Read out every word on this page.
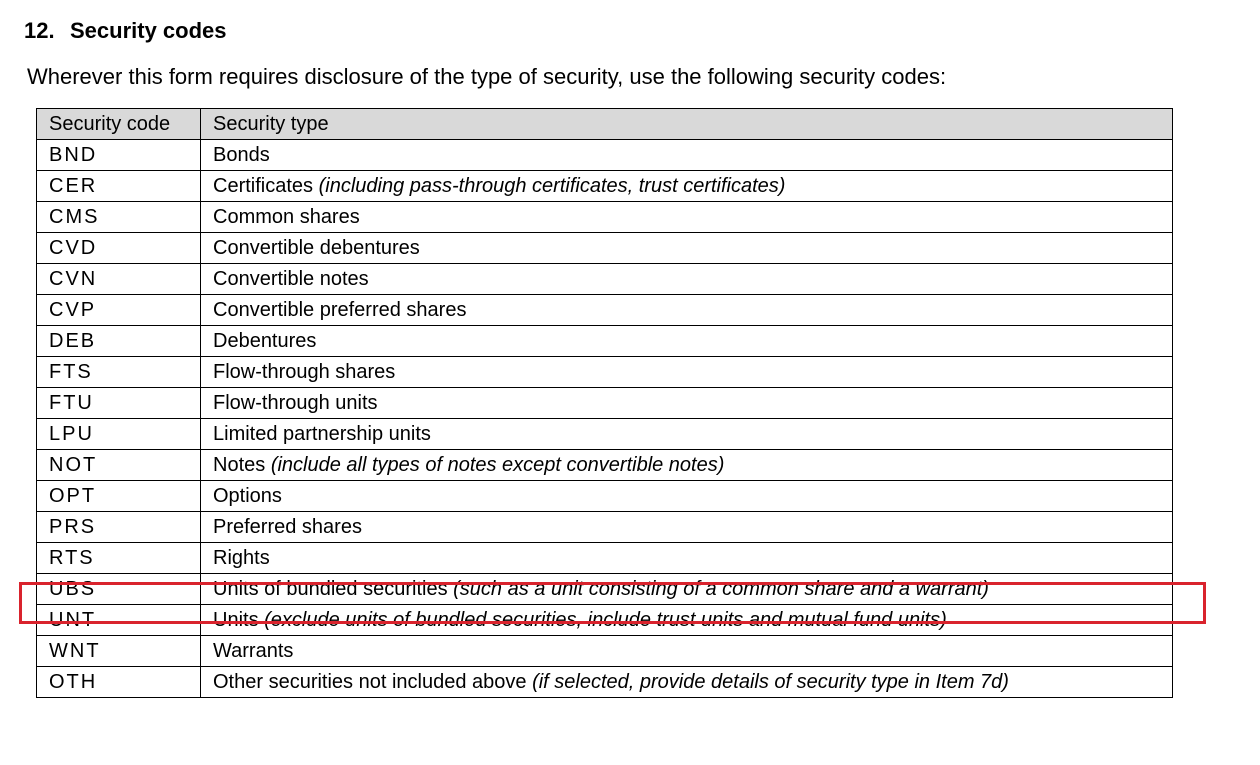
12. Security codes
Wherever this form requires disclosure of the type of security, use the following security codes:
Security code	Security type
BND	Bonds
CER	Certificates (including pass-through certificates, trust certificates)
CMS	Common shares
CVD	Convertible debentures
CVN	Convertible notes
CVP	Convertible preferred shares
DEB	Debentures
FTS	Flow-through shares
FTU	Flow-through units
LPU	Limited partnership units
NOT	Notes (include all types of notes except convertible notes)
OPT	Options
PRS	Preferred shares
RTS	Rights
UBS	Units of bundled securities (such as a unit consisting of a common share and a warrant)
UNT	Units (exclude units of bundled securities, include trust units and mutual fund units)
WNT	Warrants
OTH	Other securities not included above (if selected, provide details of security type in Item 7d)
